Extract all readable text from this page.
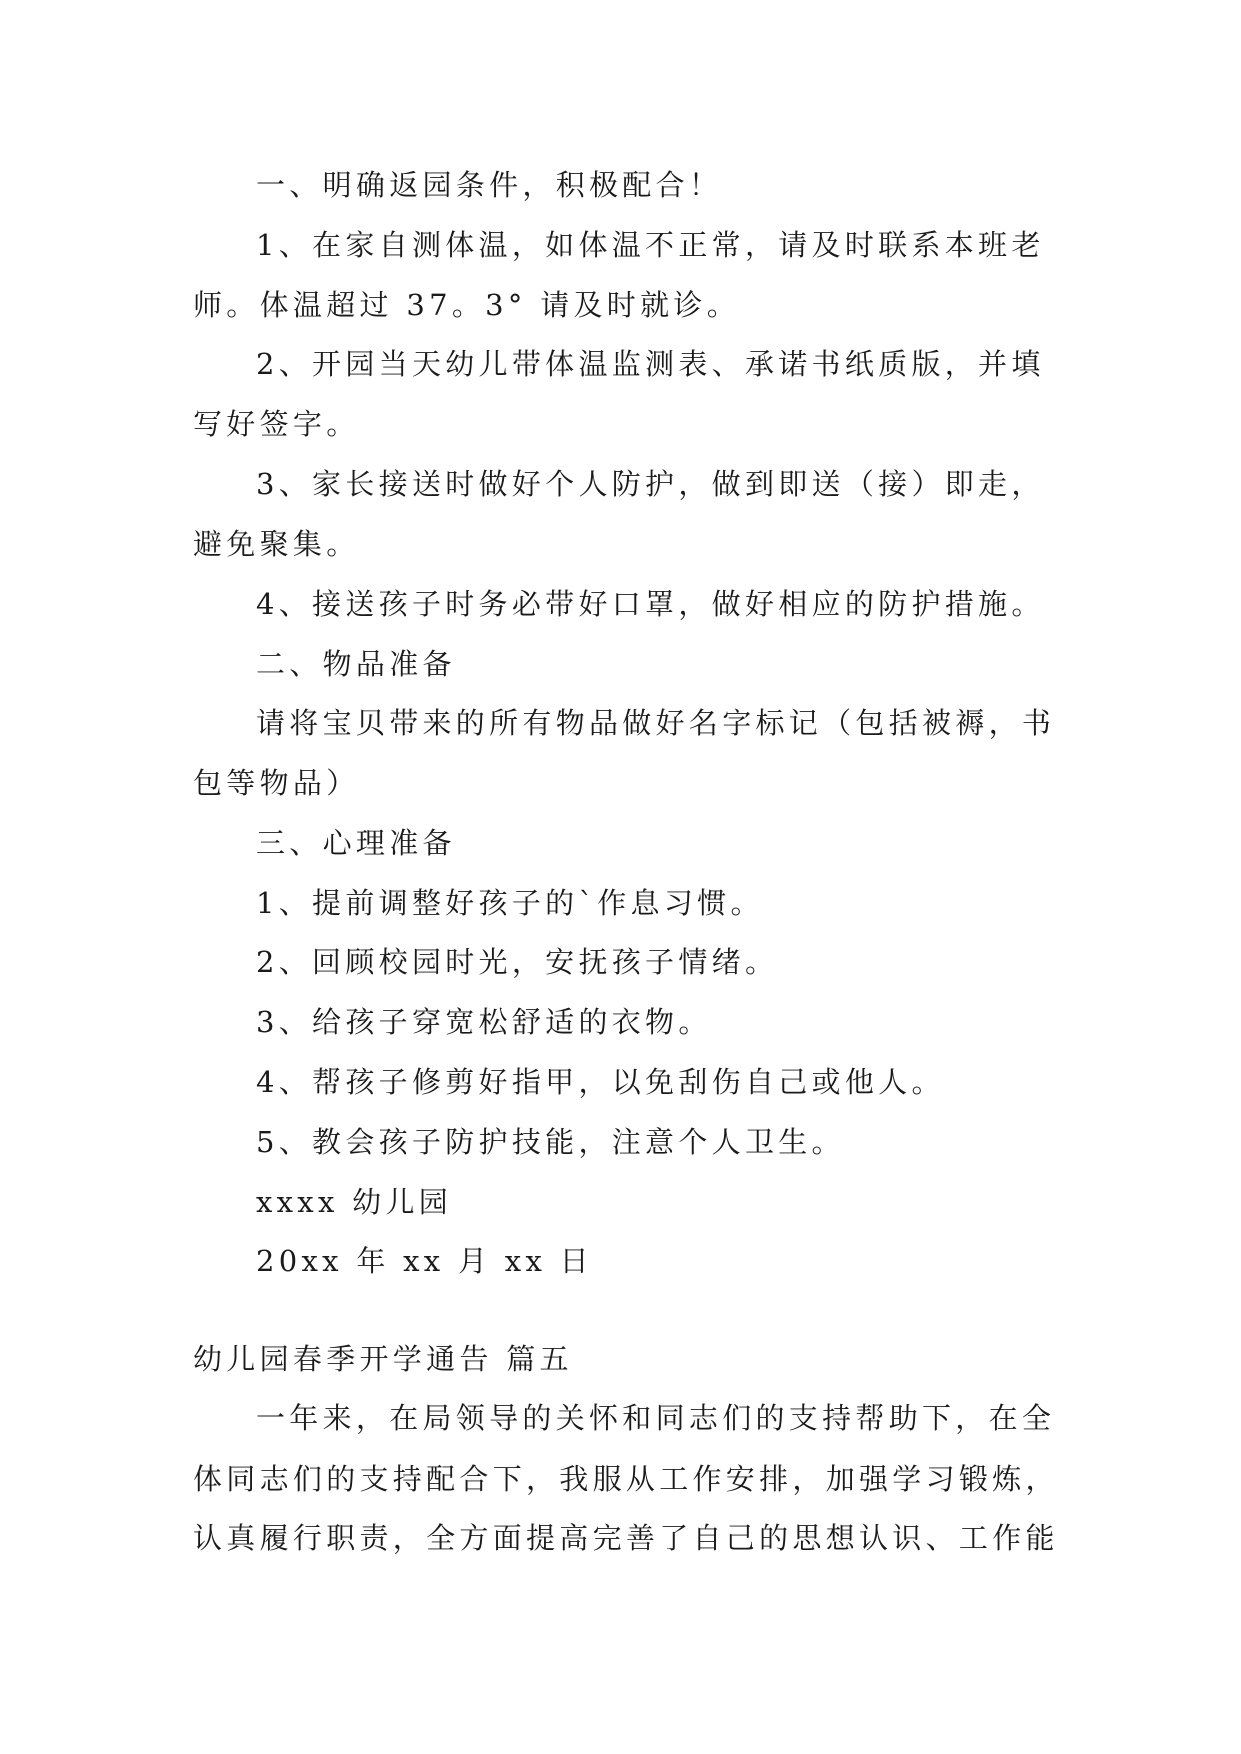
一、明确返园条件，积极配合！
1、在家自测体温，如体温不正常，请及时联系本班老
师。体温超过 37。3° 请及时就诊。
2、开园当天幼儿带体温监测表、承诺书纸质版，并填
写好签字。
3、家长接送时做好个人防护，做到即送（接）即走，
避免聚集。
4、接送孩子时务必带好口罩，做好相应的防护措施。
二、物品准备
请将宝贝带来的所有物品做好名字标记（包括被褥，书
包等物品）
三、心理准备
1、提前调整好孩子的`作息习惯。
2、回顾校园时光，安抚孩子情绪。
3、给孩子穿宽松舒适的衣物。
4、帮孩子修剪好指甲，以免刮伤自己或他人。
5、教会孩子防护技能，注意个人卫生。
xxxx 幼儿园
20xx 年 xx 月 xx 日
幼儿园春季开学通告 篇五
一年来，在局领导的关怀和同志们的支持帮助下，在全
体同志们的支持配合下，我服从工作安排，加强学习锻炼，
认真履行职责，全方面提高完善了自己的思想认识、工作能
